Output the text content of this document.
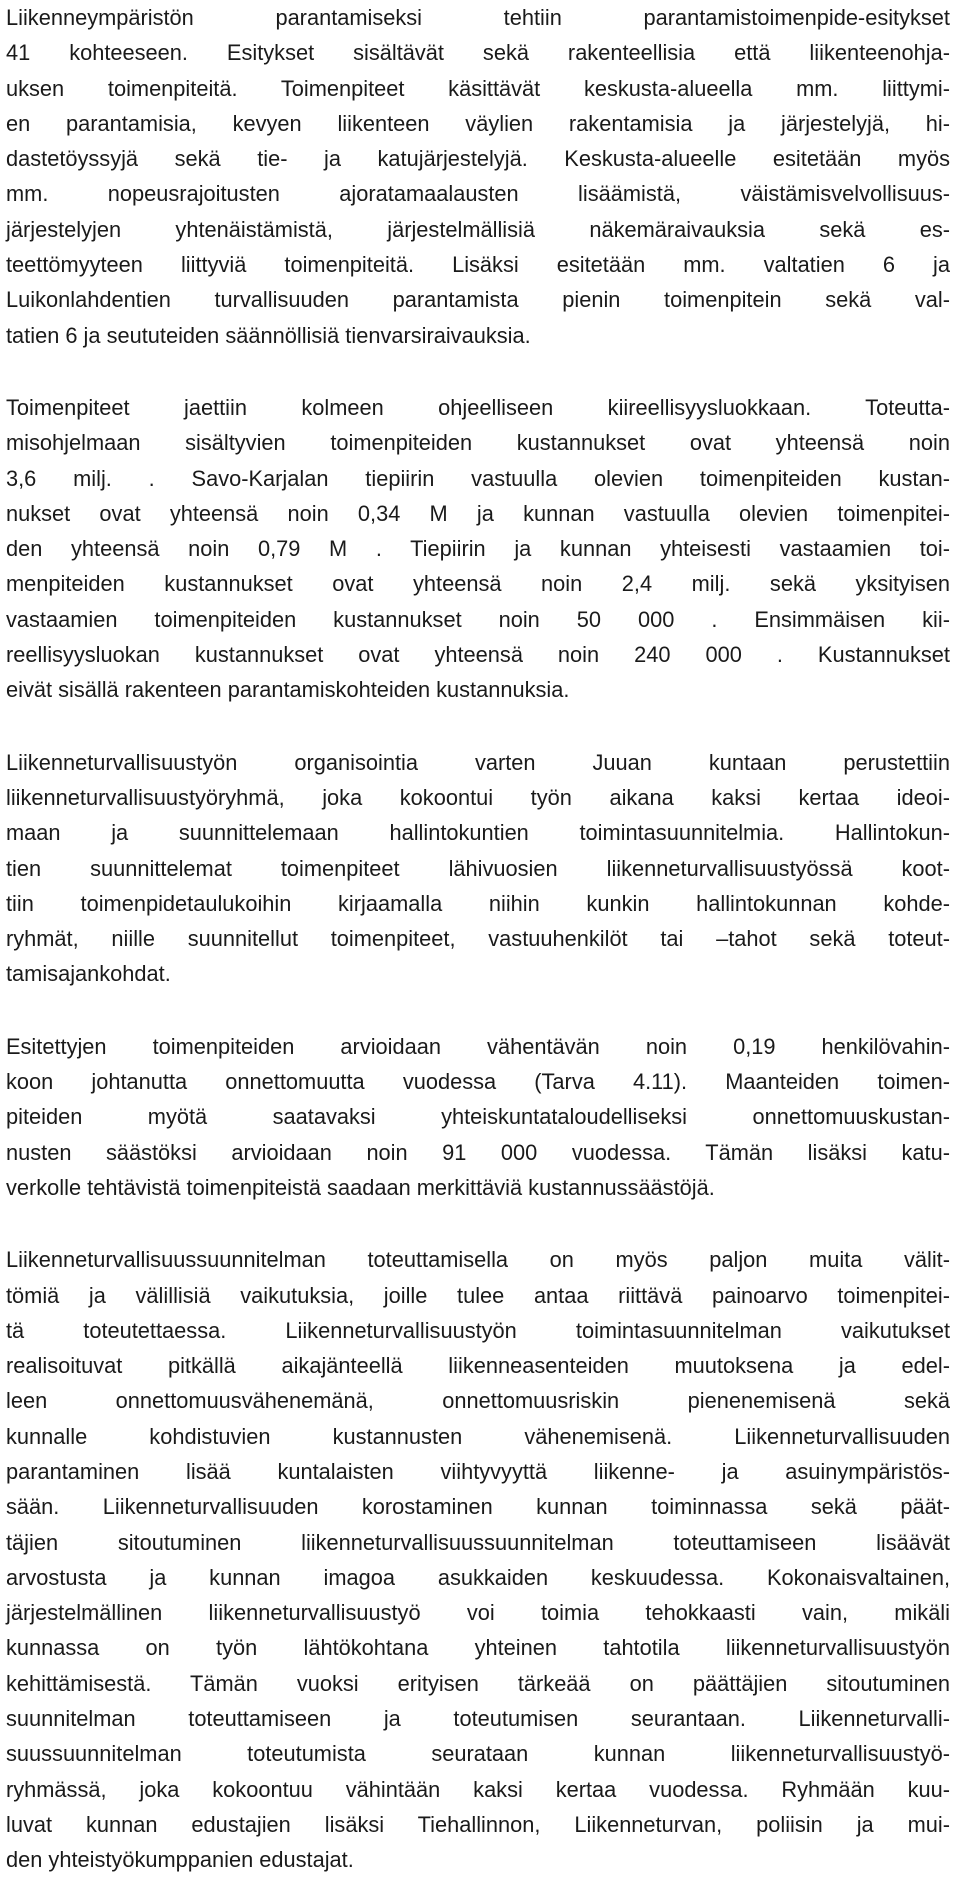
Liikenneympäristön parantamiseksi tehtiin parantamistoimenpide-esitykset
41 kohteeseen. Esitykset sisältävät sekä rakenteellisia että liikenteenohja-
uksen toimenpiteitä. Toimenpiteet käsittävät keskusta-alueella mm. liittymi-
en parantamisia, kevyen liikenteen väylien rakentamisia ja järjestelyjä, hi-
dastetöyssyjä sekä tie- ja katujärjestelyjä. Keskusta-alueelle esitetään myös
mm. nopeusrajoitusten ajoratamaalausten lisäämistä, väistämisvelvollisuus-
järjestelyjen yhtenäistämistä, järjestelmällisiä näkemäraivauksia sekä es-
teettömyyteen liittyviä toimenpiteitä. Lisäksi esitetään mm. valtatien 6 ja
Luikonlahdentien turvallisuuden parantamista pienin toimenpitein sekä val-
tatien 6 ja seututeiden säännöllisiä tienvarsiraivauksia.

Toimenpiteet jaettiin kolmeen ohjeelliseen kiireellisyysluokkaan. Toteutta-
misohjelmaan sisältyvien toimenpiteiden kustannukset ovat yhteensä noin
3,6 milj. . Savo-Karjalan tiepiirin vastuulla olevien toimenpiteiden kustan-
nukset ovat yhteensä noin 0,34 M ja kunnan vastuulla olevien toimenpitei-
den yhteensä noin 0,79 M . Tiepiirin ja kunnan yhteisesti vastaamien toi-
menpiteiden kustannukset ovat yhteensä noin 2,4 milj. sekä yksityisen
vastaamien toimenpiteiden kustannukset noin 50 000 . Ensimmäisen kii-
reellisyysluokan kustannukset ovat yhteensä noin 240 000 . Kustannukset
eivät sisällä rakenteen parantamiskohteiden kustannuksia.

Liikenneturvallisuustyön organisointia varten Juuan kuntaan perustettiin
liikenneturvallisuustyöryhmä, joka kokoontui työn aikana kaksi kertaa ideoi-
maan ja suunnittelemaan hallintokuntien toimintasuunnitelmia. Hallintokun-
tien suunnittelemat toimenpiteet lähivuosien liikenneturvallisuustyössä koot-
tiin toimenpidetaulukoihin kirjaamalla niihin kunkin hallintokunnan kohde-
ryhmät, niille suunnitellut toimenpiteet, vastuuhenkilöt tai –tahot sekä toteut-
tamisajankohdat.

Esitettyjen toimenpiteiden arvioidaan vähentävän noin 0,19 henkilövahin-
koon johtanutta onnettomuutta vuodessa (Tarva 4.11). Maanteiden toimen-
piteiden myötä saatavaksi yhteiskuntataloudelliseksi onnettomuuskustan-
nusten säästöksi arvioidaan noin 91 000 vuodessa. Tämän lisäksi katu-
verkolle tehtävistä toimenpiteistä saadaan merkittäviä kustannussäästöjä.

Liikenneturvallisuussuunnitelman toteuttamisella on myös paljon muita välit-
tömiä ja välillisiä vaikutuksia, joille tulee antaa riittävä painoarvo toimenpitei-
tä toteutettaessa. Liikenneturvallisuustyön toimintasuunnitelman vaikutukset
realisoituvat pitkällä aikajänteellä liikenneasenteiden muutoksena ja edel-
leen onnettomuusvähenemänä, onnettomuusriskin pienenemisenä sekä
kunnalle kohdistuvien kustannusten vähenemisenä. Liikenneturvallisuuden
parantaminen lisää kuntalaisten viihtyvyyttä liikenne- ja asuinympäristös-
sään. Liikenneturvallisuuden korostaminen kunnan toiminnassa sekä päät-
täjien sitoutuminen liikenneturvallisuussuunnitelman toteuttamiseen lisäävät
arvostusta ja kunnan imagoa asukkaiden keskuudessa. Kokonaisvaltainen,
järjestelmällinen liikenneturvallisuustyö voi toimia tehokkaasti vain, mikäli
kunnassa on työn lähtökohtana yhteinen tahtotila liikenneturvallisuustyön
kehittämisestä. Tämän vuoksi erityisen tärkeää on päättäjien sitoutuminen
suunnitelman toteuttamiseen ja toteutumisen seurantaan. Liikenneturvalli-
suussuunnitelman toteutumista seurataan kunnan liikenneturvallisuustyö-
ryhmässä, joka kokoontuu vähintään kaksi kertaa vuodessa. Ryhmään kuu-
luvat kunnan edustajien lisäksi Tiehallinnon, Liikenneturvan, poliisin ja mui-
den yhteistyökumppanien edustajat.
